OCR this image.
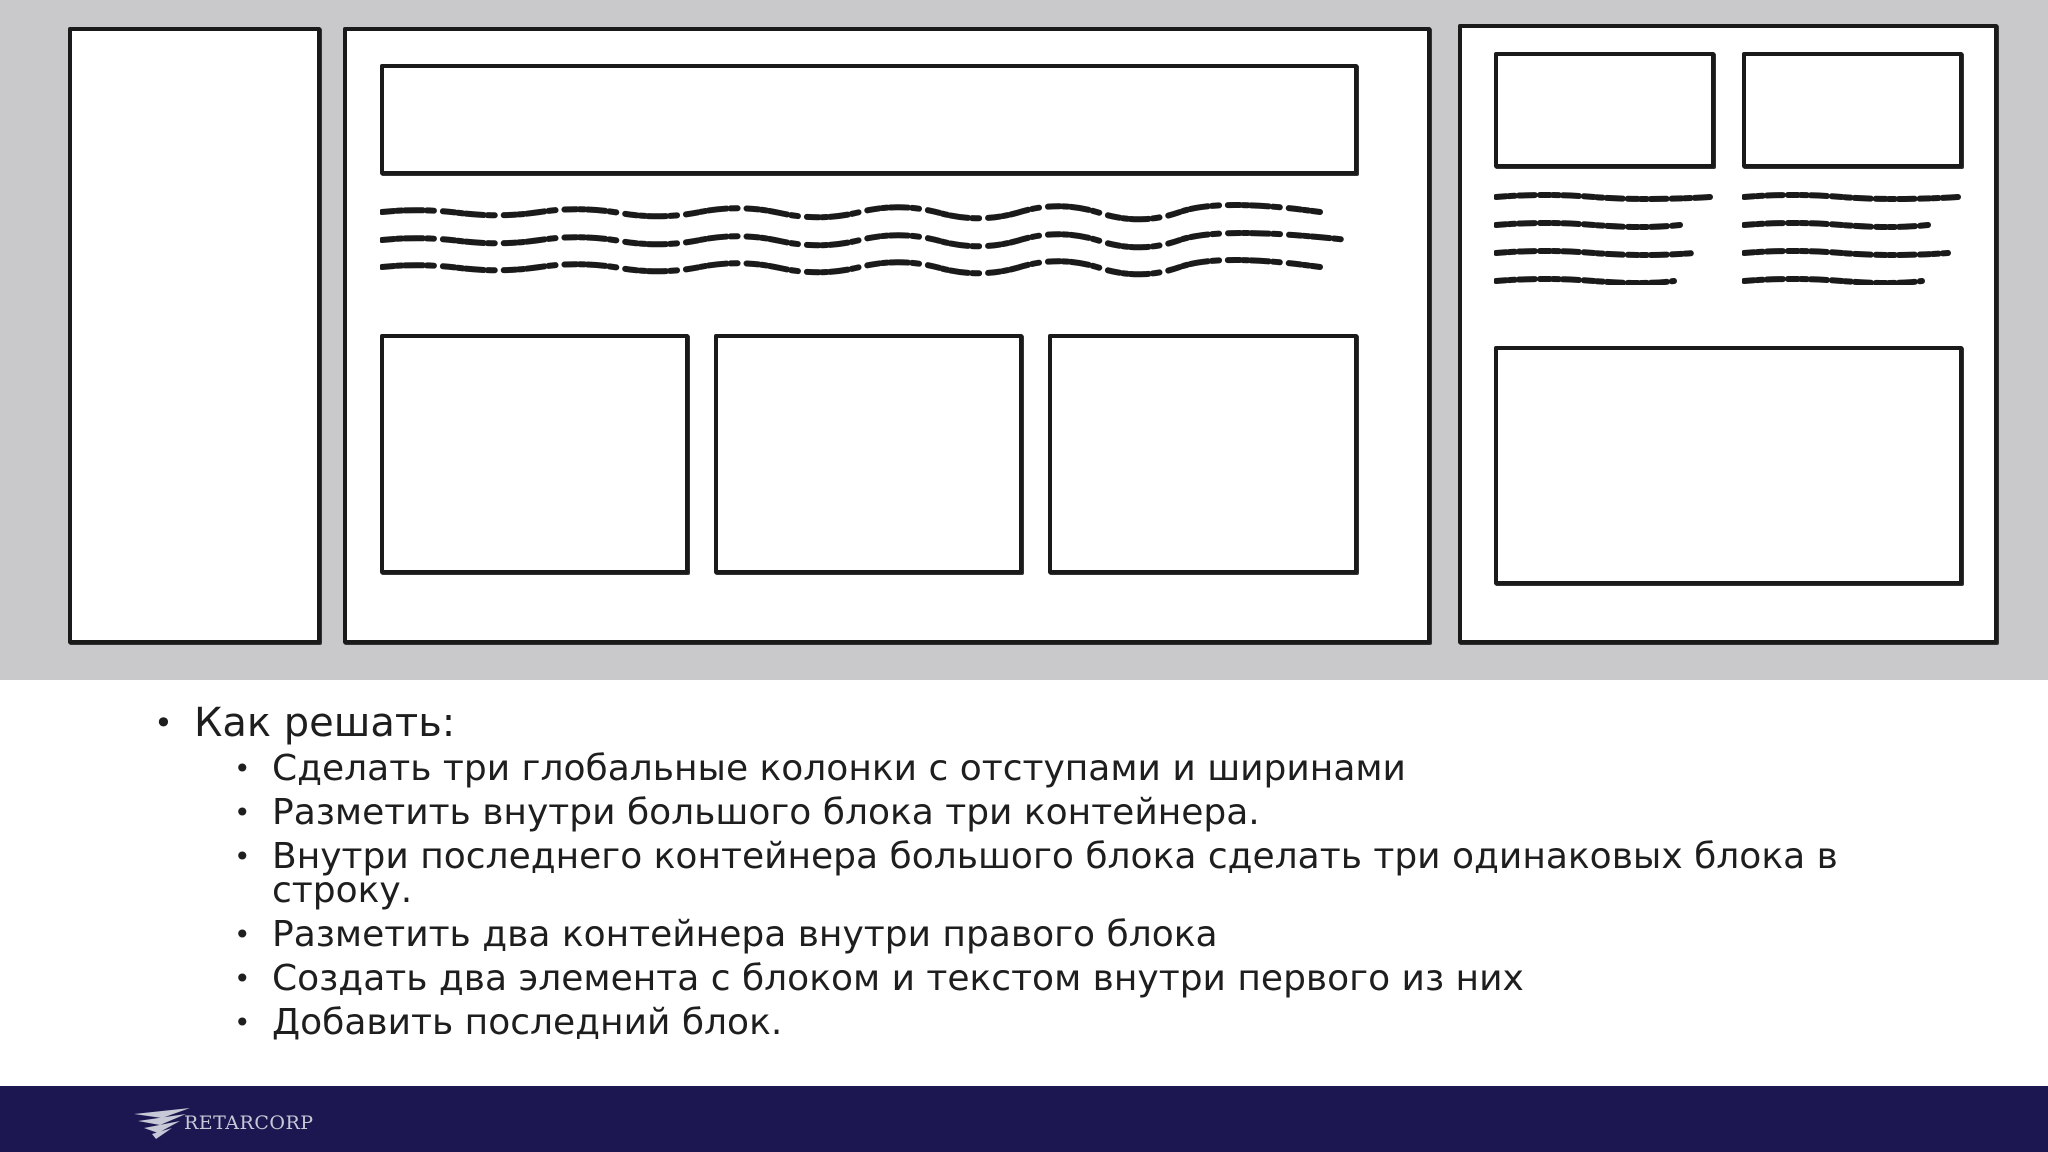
• Как решать:
• Сделать три глобальные колонки с отступами и ширинами
• Разметить внутри большого блока три контейнера.
• Внутри последнего контейнера большого блока сделать три одинаковых блока в строку.
• Разметить два контейнера внутри правого блока
• Создать два элемента с блоком и текстом внутри первого из них
• Добавить последний блок.
RETARCORP
